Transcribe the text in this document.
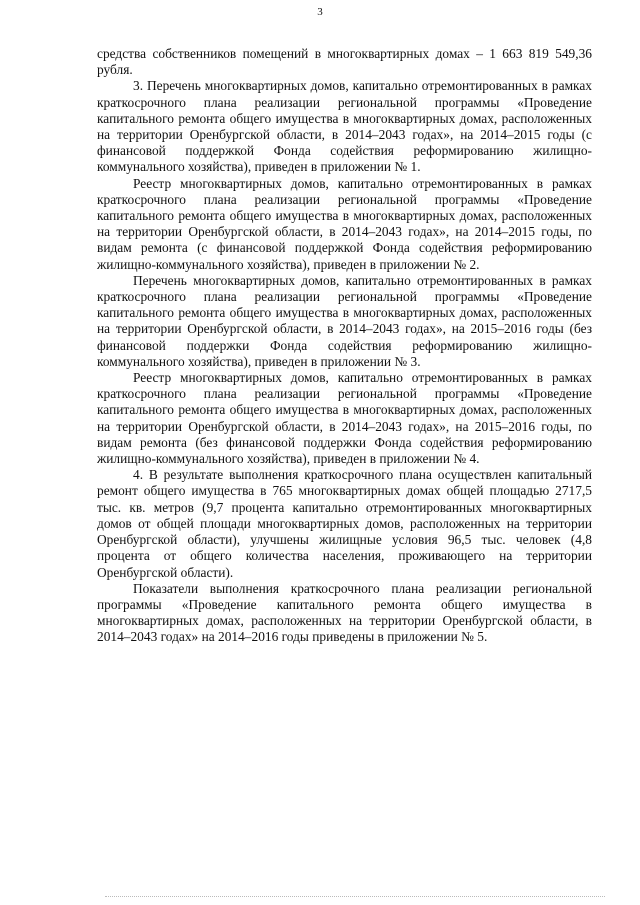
3

средства собственников помещений в многоквартирных домах – 1 663 819 549,36 рубля.

3. Перечень многоквартирных домов, капитально отремонтированных в рамках краткосрочного плана реализации региональной программы «Проведение капитального ремонта общего имущества в многоквартирных домах, расположенных на территории Оренбургской области, в 2014–2043 годах», на 2014–2015 годы (с финансовой поддержкой Фонда содействия реформированию жилищно-коммунального хозяйства), приведен в приложении № 1.

Реестр многоквартирных домов, капитально отремонтированных в рамках краткосрочного плана реализации региональной программы «Проведение капитального ремонта общего имущества в многоквартирных домах, расположенных на территории Оренбургской области, в 2014–2043 годах», на 2014–2015 годы, по видам ремонта (с финансовой поддержкой Фонда содействия реформированию жилищно-коммунального хозяйства), приведен в приложении № 2.

Перечень многоквартирных домов, капитально отремонтированных в рамках краткосрочного плана реализации региональной программы «Проведение капитального ремонта общего имущества в многоквартирных домах, расположенных на территории Оренбургской области, в 2014–2043 годах», на 2015–2016 годы (без финансовой поддержки Фонда содействия реформированию жилищно-коммунального хозяйства), приведен в приложении № 3.

Реестр многоквартирных домов, капитально отремонтированных в рамках краткосрочного плана реализации региональной программы «Проведение капитального ремонта общего имущества в многоквартирных домах, расположенных на территории Оренбургской области, в 2014–2043 годах», на 2015–2016 годы, по видам ремонта (без финансовой поддержки Фонда содействия реформированию жилищно-коммунального хозяйства), приведен в приложении № 4.

4. В результате выполнения краткосрочного плана осуществлен капитальный ремонт общего имущества в 765 многоквартирных домах общей площадью 2717,5 тыс. кв. метров (9,7 процента капитально отремонтированных многоквартирных домов от общей площади многоквартирных домов, расположенных на территории Оренбургской области), улучшены жилищные условия 96,5 тыс. человек (4,8 процента от общего количества населения, проживающего на территории Оренбургской области).

Показатели выполнения краткосрочного плана реализации региональной программы «Проведение капитального ремонта общего имущества в многоквартирных домах, расположенных на территории Оренбургской области, в 2014–2043 годах» на 2014–2016 годы приведены в приложении № 5.
